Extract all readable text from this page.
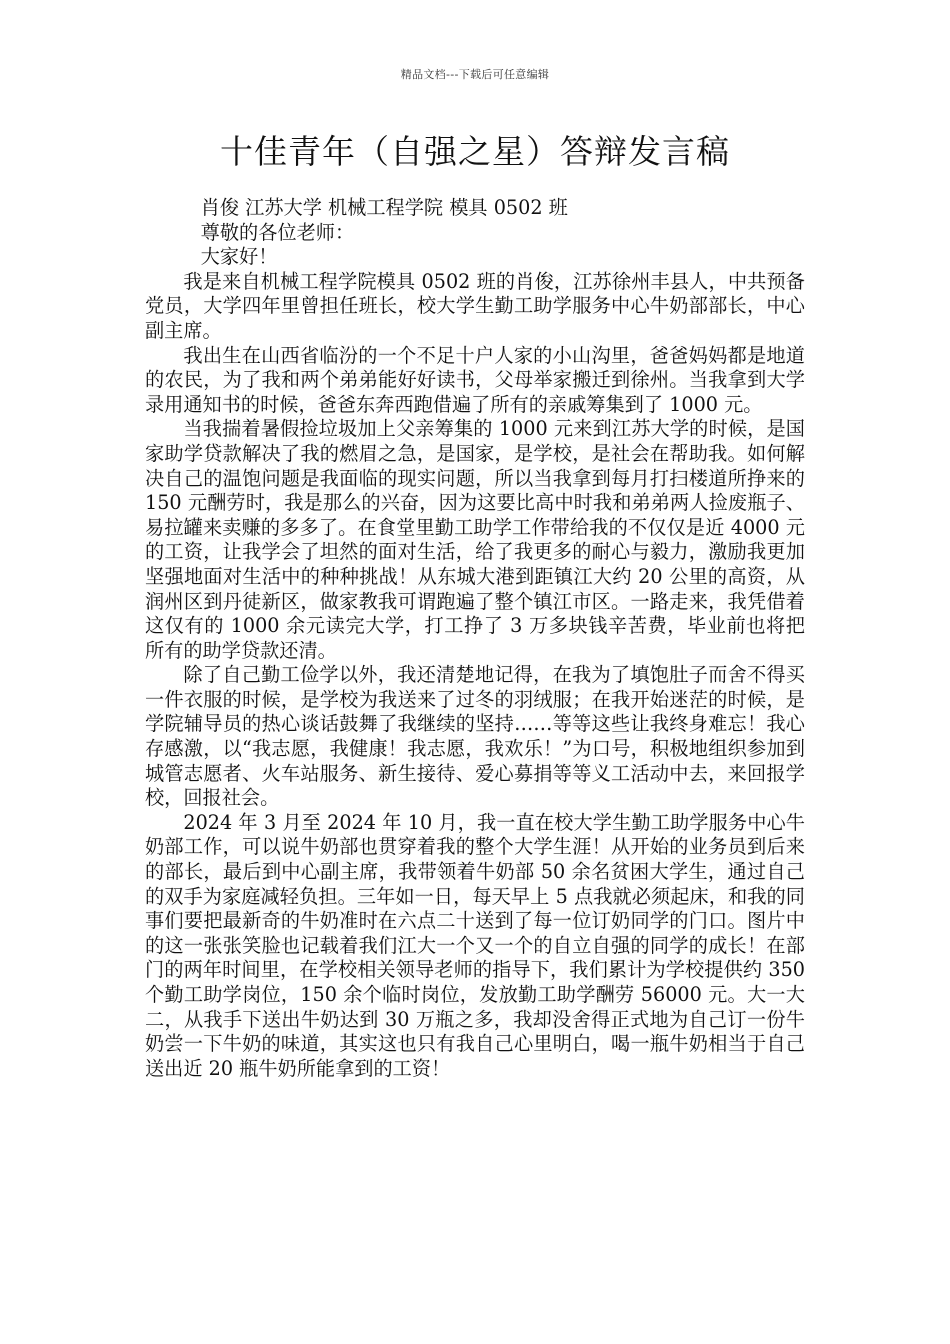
精品文档---下载后可任意编辑
十佳青年（自强之星）答辩发言稿

肖俊 江苏大学 机械工程学院 模具 0502 班

尊敬的各位老师：

大家好！

我是来自机械工程学院模具 0502 班的肖俊，江苏徐州丰县人，中共预备党员，大学四年里曾担任班长，校大学生勤工助学服务中心牛奶部部长，中心副主席。

我出生在山西省临汾的一个不足十户人家的小山沟里，爸爸妈妈都是地道的农民，为了我和两个弟弟能好好读书，父母举家搬迁到徐州。当我拿到大学录用通知书的时候，爸爸东奔西跑借遍了所有的亲戚筹集到了 1000 元。

当我揣着暑假捡垃圾加上父亲筹集的 1000 元来到江苏大学的时候，是国家助学贷款解决了我的燃眉之急，是国家，是学校，是社会在帮助我。如何解决自己的温饱问题是我面临的现实问题，所以当我拿到每月打扫楼道所挣来的 150 元酬劳时，我是那么的兴奋，因为这要比高中时我和弟弟两人捡废瓶子、易拉罐来卖赚的多多了。在食堂里勤工助学工作带给我的不仅仅是近 4000 元的工资，让我学会了坦然的面对生活，给了我更多的耐心与毅力，激励我更加坚强地面对生活中的种种挑战！从东城大港到距镇江大约 20 公里的高资，从润州区到丹徒新区，做家教我可谓跑遍了整个镇江市区。一路走来，我凭借着这仅有的 1000 余元读完大学，打工挣了 3 万多块钱辛苦费，毕业前也将把所有的助学贷款还清。

除了自己勤工俭学以外，我还清楚地记得，在我为了填饱肚子而舍不得买一件衣服的时候，是学校为我送来了过冬的羽绒服；在我开始迷茫的时候，是学院辅导员的热心谈话鼓舞了我继续的坚持……等等这些让我终身难忘！我心存感激，以“我志愿，我健康！我志愿，我欢乐！”为口号，积极地组织参加到城管志愿者、火车站服务、新生接待、爱心募捐等等义工活动中去，来回报学校，回报社会。

2024 年 3 月至 2024 年 10 月，我一直在校大学生勤工助学服务中心牛奶部工作，可以说牛奶部也贯穿着我的整个大学生涯！从开始的业务员到后来的部长，最后到中心副主席，我带领着牛奶部 50 余名贫困大学生，通过自己的双手为家庭减轻负担。三年如一日，每天早上 5 点我就必须起床，和我的同事们要把最新奇的牛奶准时在六点二十送到了每一位订奶同学的门口。图片中的这一张张笑脸也记载着我们江大一个又一个的自立自强的同学的成长！在部门的两年时间里，在学校相关领导老师的指导下，我们累计为学校提供约 350 个勤工助学岗位，150 余个临时岗位，发放勤工助学酬劳 56000 元。大一大二，从我手下送出牛奶达到 30 万瓶之多，我却没舍得正式地为自己订一份牛奶尝一下牛奶的味道，其实这也只有我自己心里明白，喝一瓶牛奶相当于自己送出近 20 瓶牛奶所能拿到的工资！
